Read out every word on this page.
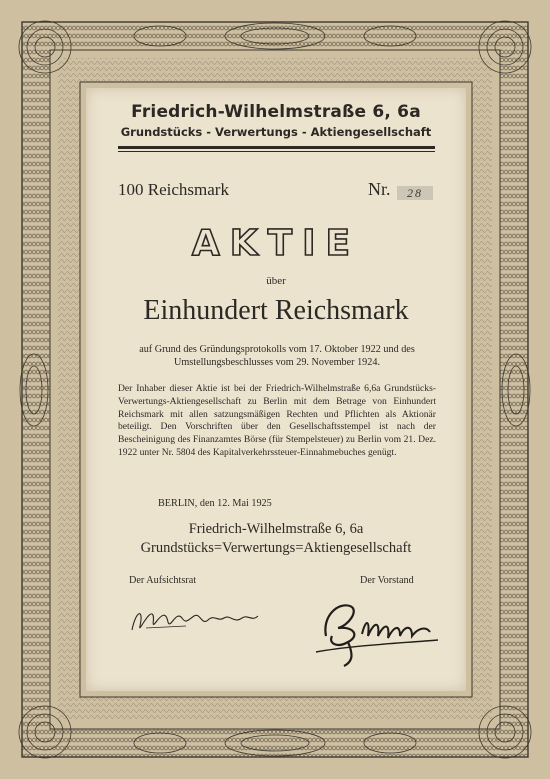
Friedrich-Wilhelmstraße 6, 6a
Grundstücks - Verwertungs - Aktiengesellschaft
100 Reichsmark	Nr.	28
AKTIE
über
Einhundert Reichsmark
auf Grund des Gründungsprotokolls vom 17. Oktober 1922 und des Umstellungsbeschlusses vom 29. November 1924.
Der Inhaber dieser Aktie ist bei der Friedrich-Wilhelmstraße 6,6a Grundstücks-Verwertungs-Aktiengesellschaft zu Berlin mit dem Betrage von Einhundert Reichsmark mit allen satzungsmäßigen Rechten und Pflichten als Aktionär beteiligt. Den Vorschriften über den Gesellschaftsstempel ist nach der Bescheinigung des Finanzamtes Börse (für Stempelsteuer) zu Berlin vom 21. Dez. 1922 unter Nr. 5804 des Kapitalverkehrssteuer-Einnahmebuches genügt.
BERLIN, den 12. Mai 1925
Friedrich-Wilhelmstraße 6, 6a
Grundstücks=Verwertungs=Aktiengesellschaft
Der Aufsichtsrat	Der Vorstand
